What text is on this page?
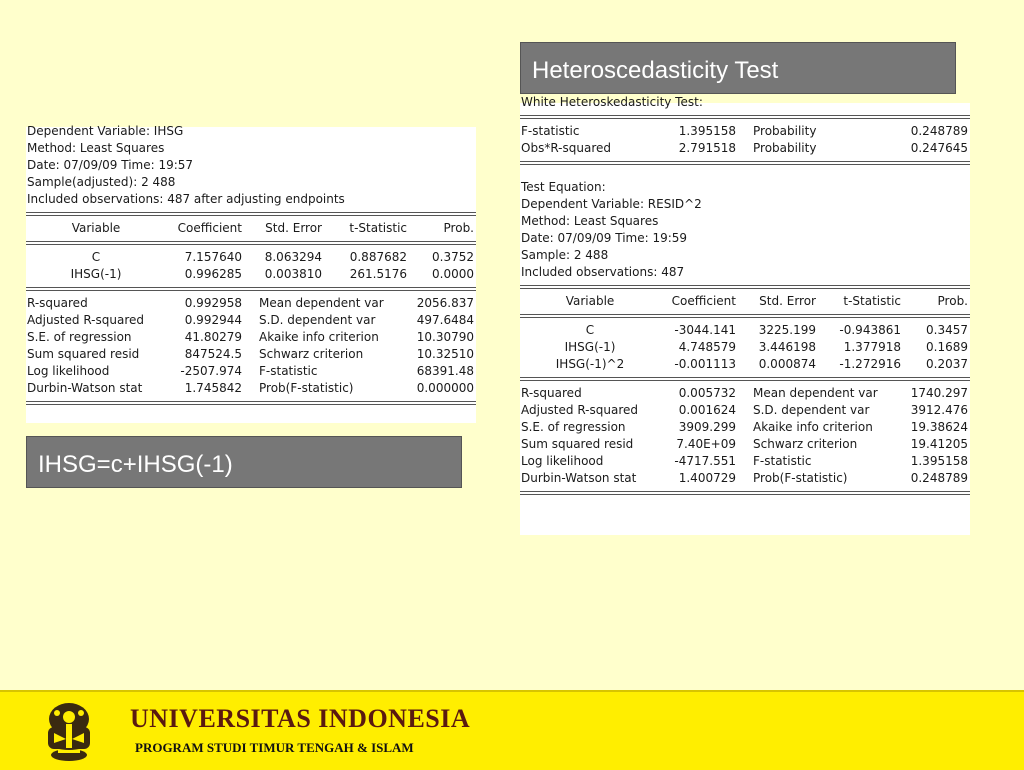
Heteroscedasticity Test
Dependent Variable: IHSG
Method: Least Squares
Date: 07/09/09 Time: 19:57
Sample(adjusted): 2 488
Included observations: 487 after adjusting endpoints
Variable	Coefficient	Std. Error	t-Statistic	Prob.
C	7.157640	8.063294	0.887682	0.3752
IHSG(-1)	0.996285	0.003810	261.5176	0.0000
R-squared	0.992958 Mean dependent var	2056.837
Adjusted R-squared	0.992944 S.D. dependent var	497.6484
S.E. of regression	41.80279 Akaike info criterion	10.30790
Sum squared resid	847524.5 Schwarz criterion	10.32510
Log likelihood	-2507.974 F-statistic	68391.48
Durbin-Watson stat	1.745842 Prob(F-statistic)	0.000000
IHSG=c+IHSG(-1)
White Heteroskedasticity Test:
F-statistic	1.395158 Probability	0.248789
Obs*R-squared	2.791518 Probability	0.247645
Test Equation:
Dependent Variable: RESID^2
Method: Least Squares
Date: 07/09/09 Time: 19:59
Sample: 2 488
Included observations: 487
Variable	Coefficient	Std. Error	t-Statistic	Prob.
C	-3044.141	3225.199	-0.943861	0.3457
IHSG(-1)	4.748579	3.446198	1.377918	0.1689
IHSG(-1)^2	-0.001113	0.000874	-1.272916	0.2037
R-squared	0.005732 Mean dependent var	1740.297
Adjusted R-squared	0.001624 S.D. dependent var	3912.476
S.E. of regression	3909.299 Akaike info criterion	19.38624
Sum squared resid	7.40E+09 Schwarz criterion	19.41205
Log likelihood	-4717.551 F-statistic	1.395158
Durbin-Watson stat	1.400729 Prob(F-statistic)	0.248789
UNIVERSITAS INDONESIA
PROGRAM STUDI TIMUR TENGAH & ISLAM
